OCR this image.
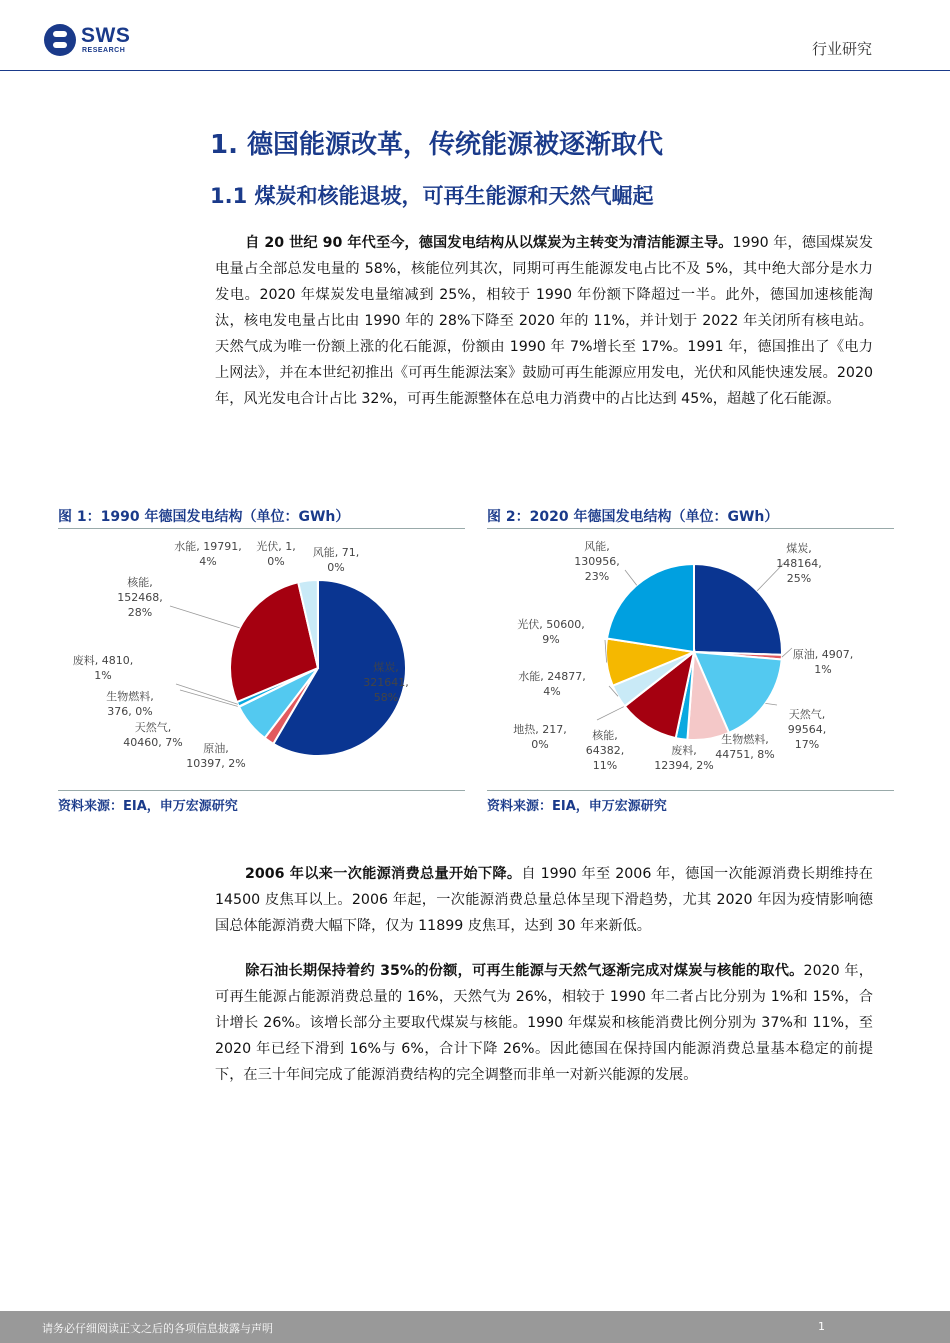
SWS
RESEARCH	行业研究
1. 德国能源改革，传统能源被逐渐取代
1.1 煤炭和核能退坡，可再生能源和天然气崛起
自 20 世纪 90 年代至今，德国发电结构从以煤炭为主转变为清洁能源主导。1990 年，德国煤炭发电量占全部总发电量的 58%，核能位列其次，同期可再生能源发电占比不及 5%，其中绝大部分是水力发电。2020 年煤炭发电量缩减到 25%，相较于 1990 年份额下降超过一半。此外，德国加速核能淘汰，核电发电量占比由 1990 年的 28%下降至 2020 年的 11%，并计划于 2022 年关闭所有核电站。天然气成为唯一份额上涨的化石能源，份额由 1990 年 7%增长至 17%。1991 年，德国推出了《电力上网法》，并在本世纪初推出《可再生能源法案》鼓励可再生能源应用发电，光伏和风能快速发展。2020 年，风光发电合计占比 32%，可再生能源整体在总电力消费中的占比达到 45%，超越了化石能源。
图 1：1990 年德国发电结构（单位：GWh）
煤炭, 321641, 58%
原油, 10397, 2%
天然气, 40460, 7%
生物燃料, 376, 0%
废料, 4810, 1%
核能, 152468, 28%
水能, 19791, 4%
光伏, 1, 0%
风能, 71, 0%
资料来源：EIA，申万宏源研究
图 2：2020 年德国发电结构（单位：GWh）
煤炭, 148164, 25%
原油, 4907, 1%
天然气, 99564, 17%
生物燃料, 44751, 8%
废料, 12394, 2%
核能, 64382, 11%
地热, 217, 0%
水能, 24877, 4%
光伏, 50600, 9%
风能, 130956, 23%
资料来源：EIA，申万宏源研究
2006 年以来一次能源消费总量开始下降。自 1990 年至 2006 年，德国一次能源消费长期维持在 14500 皮焦耳以上。2006 年起，一次能源消费总量总体呈现下滑趋势，尤其 2020 年因为疫情影响德国总体能源消费大幅下降，仅为 11899 皮焦耳，达到 30 年来新低。
除石油长期保持着约 35%的份额，可再生能源与天然气逐渐完成对煤炭与核能的取代。2020 年，可再生能源占能源消费总量的 16%，天然气为 26%，相较于 1990 年二者占比分别为 1%和 15%，合计增长 26%。该增长部分主要取代煤炭与核能。1990 年煤炭和核能消费比例分别为 37%和 11%，至 2020 年已经下滑到 16%与 6%，合计下降 26%。因此德国在保持国内能源消费总量基本稳定的前提下，在三十年间完成了能源消费结构的完全调整而非单一对新兴能源的发展。
请务必仔细阅读正文之后的各项信息披露与声明	1
